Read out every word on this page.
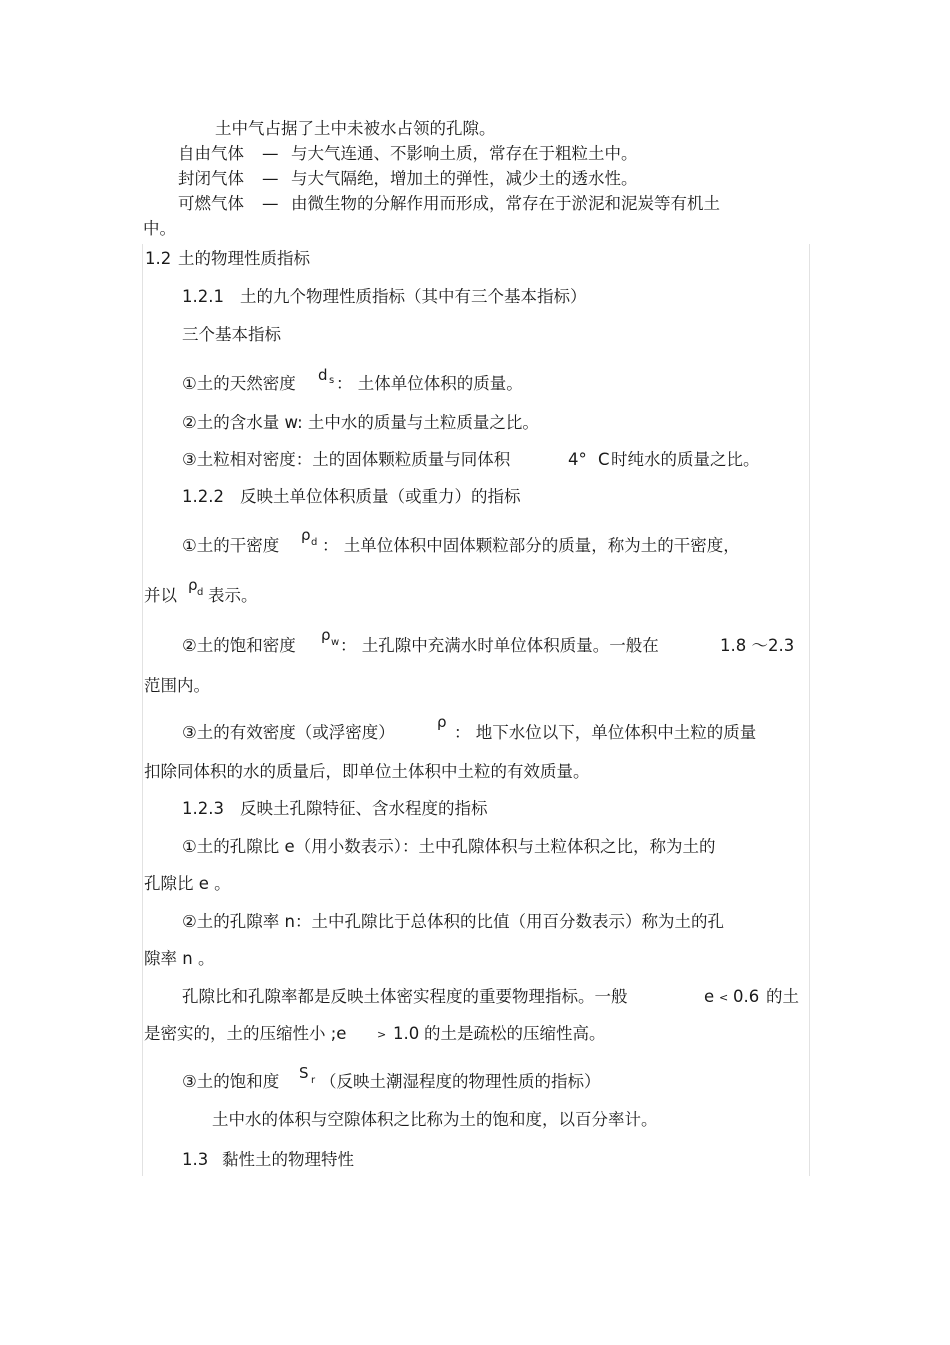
土中气占据了土中未被水占领的孔隙。
自由气体 — 与大气连通、不影响土质，常存在于粗粒土中。
封闭气体 — 与大气隔绝，增加土的弹性，减少土的透水性。
可燃气体 — 由微生物的分解作用而形成，常存在于淤泥和泥炭等有机土
中。
1.2 土的物理性质指标
1.2.1 土的九个物理性质指标（其中有三个基本指标）
三个基本指标
①土的天然密度 d s ： 土体单位体积的质量。
②土的含水量 w: 土中水的质量与土粒质量之比。
③土粒相对密度：土的固体颗粒质量与同体积	4° C 时纯水的质量之比。
1.2.2 反映土单位体积质量（或重力）的指标
①土的干密度
ρ d ： 土单位体积中固体颗粒部分的质量，称为土的干密度，
并以
ρ d 表示。
②土的饱和密度
ρ w ： 土孔隙中充满水时单位体积质量。一般在	1.8 ～2.3
范围内。
③土的有效密度（或浮密度）
ρ
： 地下水位以下，单位体积中土粒的质量
扣除同体积的水的质量后，即单位土体积中土粒的有效质量。
1.2.3 反映土孔隙特征、含水程度的指标
①土的孔隙比 e（用小数表示）：土中孔隙体积与土粒体积之比，称为土的
孔隙比 e 。
②土的孔隙率 n：土中孔隙比于总体积的比值（用百分数表示）称为土的孔
隙率 n 。
孔隙比和孔隙率都是反映土体密实程度的重要物理指标。一般	e < 0.6 的土
是密实的，土的压缩性小 ;e	> 1.0 的土是疏松的压缩性高。
③土的饱和度 S r （反映土潮湿程度的物理性质的指标）
土中水的体积与空隙体积之比称为土的饱和度，以百分率计。
1.3 黏性土的物理特性
